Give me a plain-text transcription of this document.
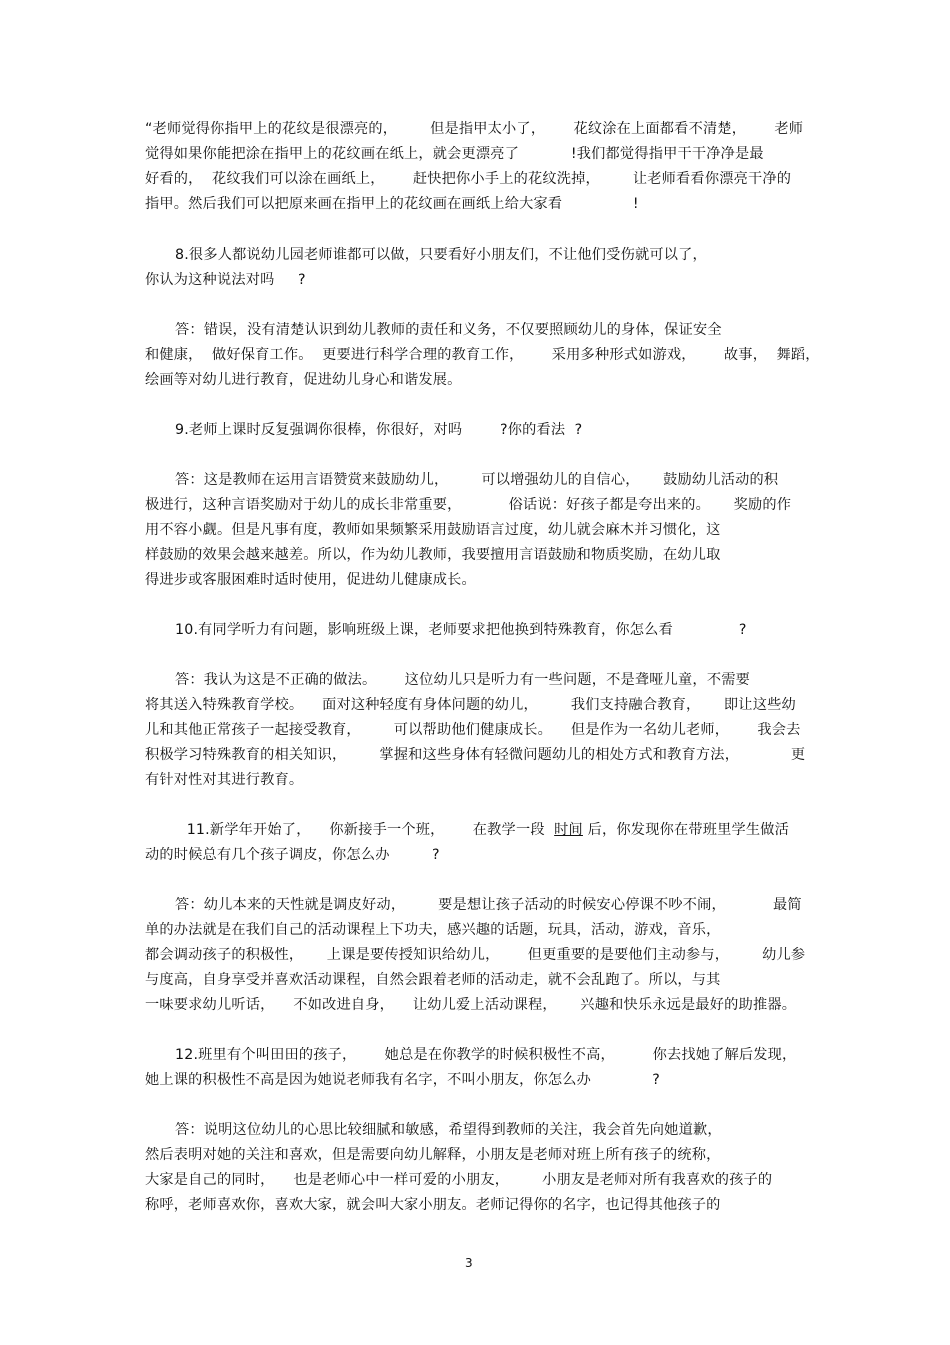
“老师觉得你指甲上的花纹是很漂亮的，       但是指甲太小了，      花纹涂在上面都看不清楚，      老师
觉得如果你能把涂在指甲上的花纹画在纸上，就会更漂亮了           !我们都觉得指甲干干净净是最
好看的，  花纹我们可以涂在画纸上，      赶快把你小手上的花纹洗掉，       让老师看看你漂亮干净的
指甲。然后我们可以把原来画在指甲上的花纹画在画纸上给大家看               !
8.很多人都说幼儿园老师谁都可以做，只要看好小朋友们，不让他们受伤就可以了，
你认为这种说法对吗     ?
答：错误，没有清楚认识到幼儿教师的责任和义务，不仅要照顾幼儿的身体，保证安全
和健康，  做好保育工作。  更要进行科学合理的教育工作，      采用多种形式如游戏，      故事，  舞蹈，
绘画等对幼儿进行教育，促进幼儿身心和谐发展。
9.老师上课时反复强调你很棒，你很好，对吗        ?你的看法  ?
答：这是教师在运用言语赞赏来鼓励幼儿，       可以增强幼儿的自信心，     鼓励幼儿活动的积
极进行，这种言语奖励对于幼儿的成长非常重要，          俗话说：好孩子都是夸出来的。     奖励的作
用不容小觑。但是凡事有度，教师如果频繁采用鼓励语言过度，幼儿就会麻木并习惯化，这
样鼓励的效果会越来越差。所以，作为幼儿教师，我要擅用言语鼓励和物质奖励，在幼儿取
得进步或客服困难时适时使用，促进幼儿健康成长。
10.有同学听力有问题，影响班级上课，老师要求把他换到特殊教育，你怎么看              ?
答：我认为这是不正确的做法。      这位幼儿只是听力有一些问题，不是聋哑儿童，不需要
将其送入特殊教育学校。    面对这种轻度有身体问题的幼儿，       我们支持融合教育，     即让这些幼
儿和其他正常孩子一起接受教育，       可以帮助他们健康成长。    但是作为一名幼儿老师，      我会去
积极学习特殊教育的相关知识，       掌握和这些身体有轻微问题幼儿的相处方式和教育方法，           更
有针对性对其进行教育。
11.新学年开始了，    你新接手一个班，      在教学一段  时间 后，你发现你在带班里学生做活
动的时候总有几个孩子调皮，你怎么办         ?
答：幼儿本来的天性就是调皮好动，       要是想让孩子活动的时候安心停课不吵不闹，          最简
单的办法就是在我们自己的活动课程上下功夫，感兴趣的话题，玩具，活动，游戏，音乐，
都会调动孩子的积极性，     上课是要传授知识给幼儿，      但更重要的是要他们主动参与，       幼儿参
与度高，自身享受并喜欢活动课程，自然会跟着老师的活动走，就不会乱跑了。所以，与其
一味要求幼儿听话，    不如改进自身，    让幼儿爱上活动课程，     兴趣和快乐永远是最好的助推器。
12.班里有个叫田田的孩子，      她总是在你教学的时候积极性不高，        你去找她了解后发现，
她上课的积极性不高是因为她说老师我有名字，不叫小朋友，你怎么办             ?
答：说明这位幼儿的心思比较细腻和敏感，希望得到教师的关注，我会首先向她道歉，
然后表明对她的关注和喜欢，但是需要向幼儿解释，小朋友是老师对班上所有孩子的统称，
大家是自己的同时，    也是老师心中一样可爱的小朋友，       小朋友是老师对所有我喜欢的孩子的
称呼，老师喜欢你，喜欢大家，就会叫大家小朋友。老师记得你的名字，也记得其他孩子的
3
